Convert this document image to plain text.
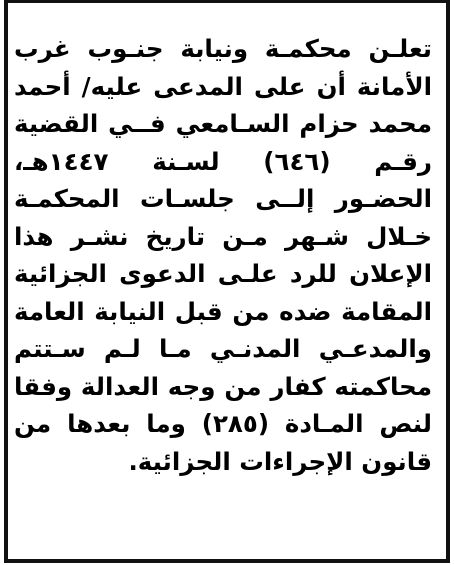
تعلـن محكمـة ونيابة جنـوب غرب
الأمانة أن على المدعى عليه/ أحمد
محمد حزام السـامعي فــي القضية
رقـم (٦٤٦) لسـنة ١٤٤٧هـ،
الحضـور إلــى جلسـات المحكمـة
خـلال شـهر مـن تاريخ نشـر هذا
الإعلان للرد علـى الدعوى الجزائية
المقامة ضده من قبل النيابة العامة
والمدعـي المدنـي مـا لـم سـتتم
محاكمته كفار من وجه العدالة وفقا
لنص المـادة (٢٨٥) وما بعدها من
قانون الإجراءات الجزائية.
